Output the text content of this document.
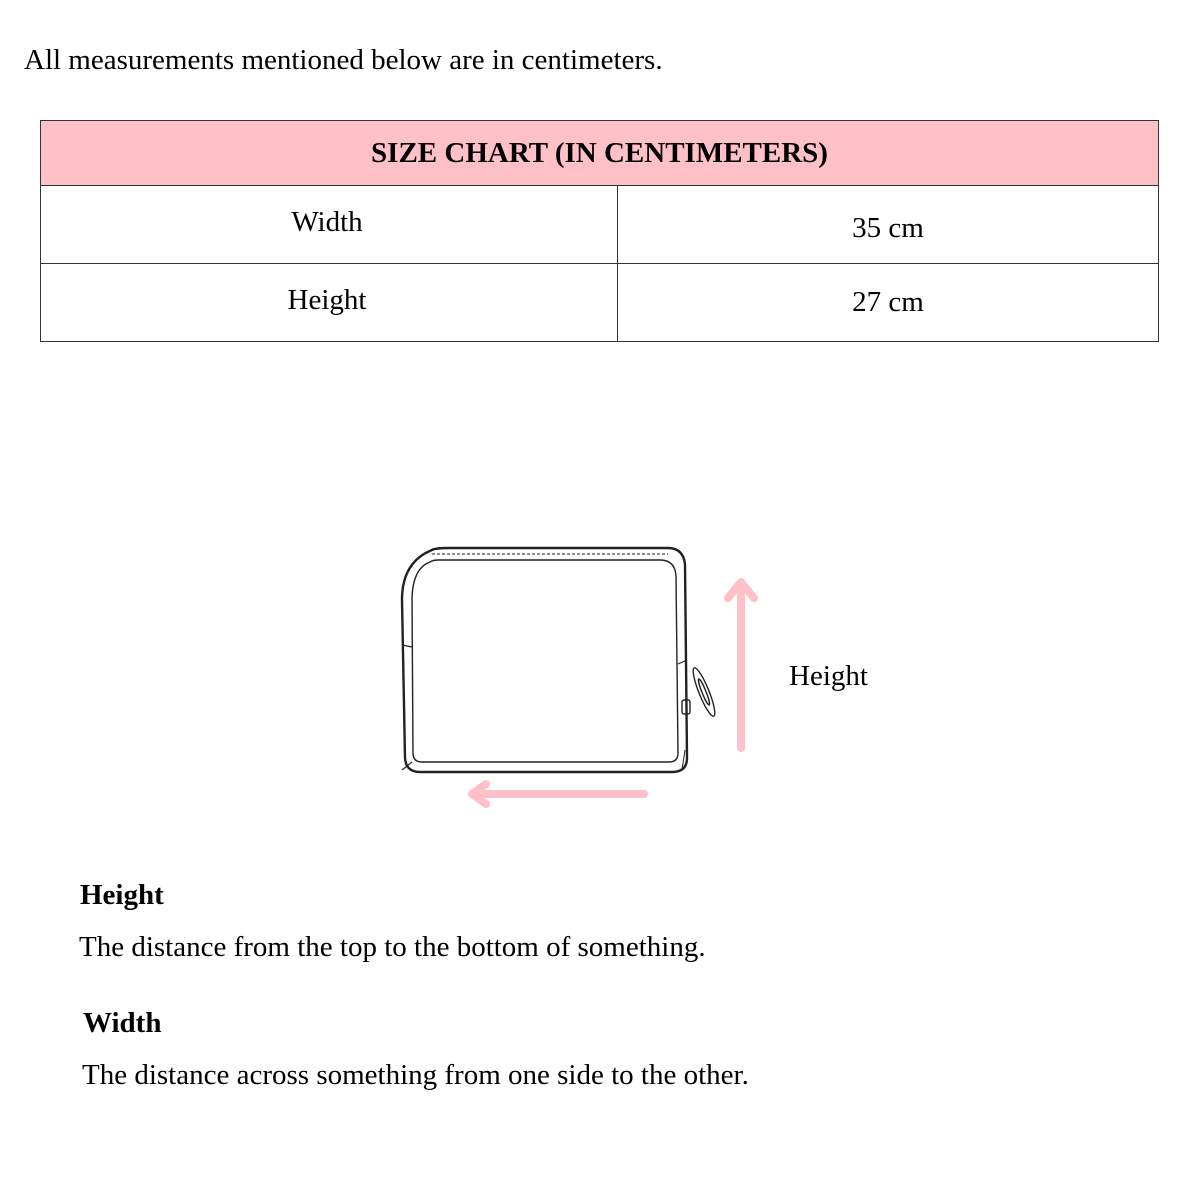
All measurements mentioned below are in centimeters.
SIZE CHART (IN CENTIMETERS)	
Width	35 cm
Height	27 cm
Height
Height
The distance from the top to the bottom of something.
Width
The distance across something from one side to the other.
